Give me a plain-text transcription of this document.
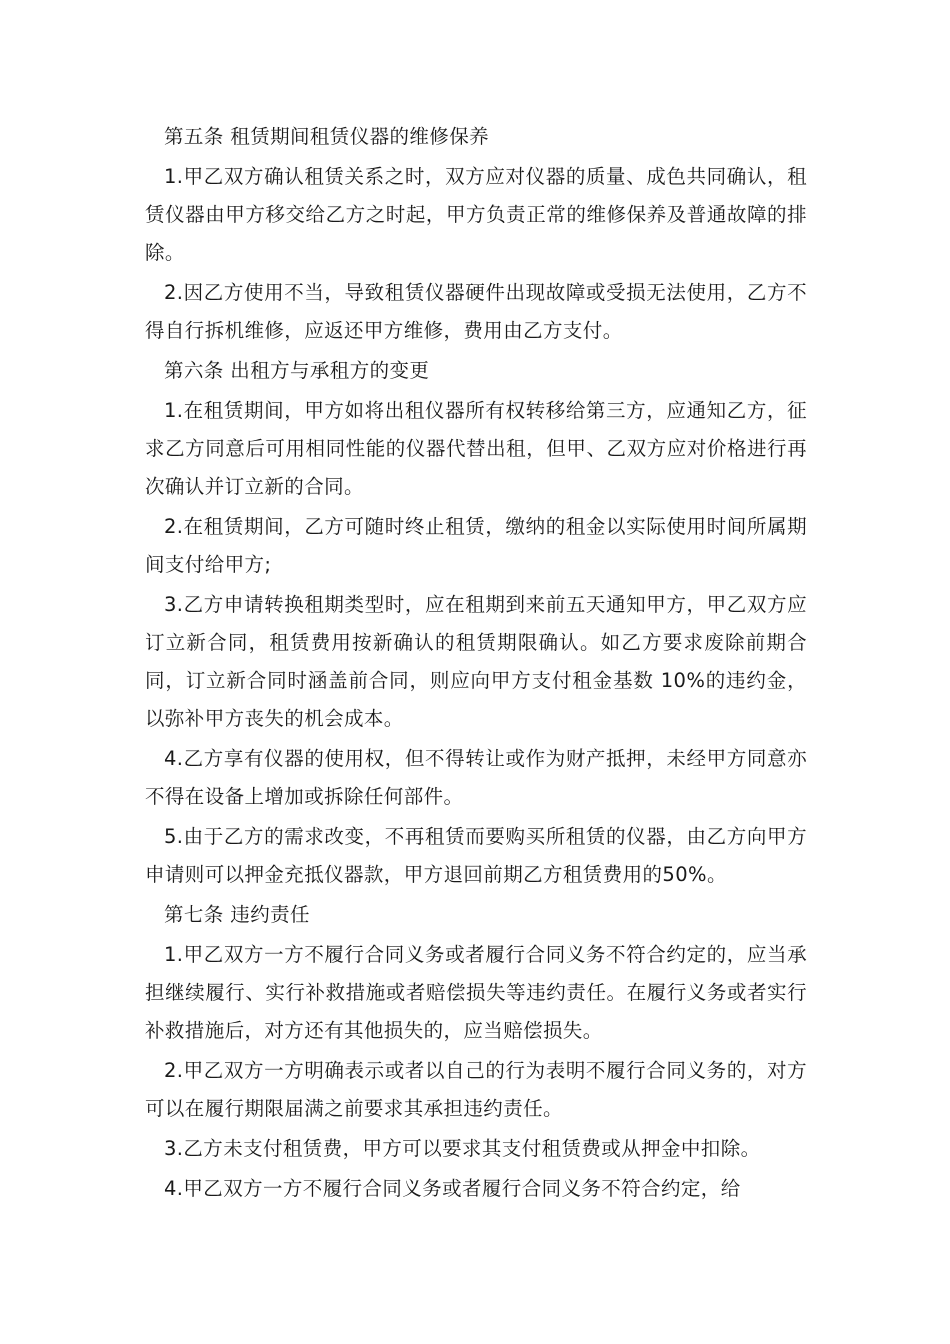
第五条 租赁期间租赁仪器的维修保养

1.甲乙双方确认租赁关系之时，双方应对仪器的质量、成色共同确认，租赁仪器由甲方移交给乙方之时起，甲方负责正常的维修保养及普通故障的排除。

2.因乙方使用不当，导致租赁仪器硬件出现故障或受损无法使用，乙方不得自行拆机维修，应返还甲方维修，费用由乙方支付。

第六条 出租方与承租方的变更

1.在租赁期间，甲方如将出租仪器所有权转移给第三方，应通知乙方，征求乙方同意后可用相同性能的仪器代替出租，但甲、乙双方应对价格进行再次确认并订立新的合同。

2.在租赁期间，乙方可随时终止租赁，缴纳的租金以实际使用时间所属期间支付给甲方;

3.乙方申请转换租期类型时，应在租期到来前五天通知甲方，甲乙双方应订立新合同，租赁费用按新确认的租赁期限确认。如乙方要求废除前期合同，订立新合同时涵盖前合同，则应向甲方支付租金基数 10%的违约金，以弥补甲方丧失的机会成本。

4.乙方享有仪器的使用权，但不得转让或作为财产抵押，未经甲方同意亦不得在设备上增加或拆除任何部件。

5.由于乙方的需求改变，不再租赁而要购买所租赁的仪器，由乙方向甲方申请则可以押金充抵仪器款，甲方退回前期乙方租赁费用的50%。

第七条 违约责任

1.甲乙双方一方不履行合同义务或者履行合同义务不符合约定的，应当承担继续履行、实行补救措施或者赔偿损失等违约责任。在履行义务或者实行补救措施后，对方还有其他损失的，应当赔偿损失。

2.甲乙双方一方明确表示或者以自己的行为表明不履行合同义务的，对方可以在履行期限届满之前要求其承担违约责任。

3.乙方未支付租赁费，甲方可以要求其支付租赁费或从押金中扣除。

4.甲乙双方一方不履行合同义务或者履行合同义务不符合约定，给
